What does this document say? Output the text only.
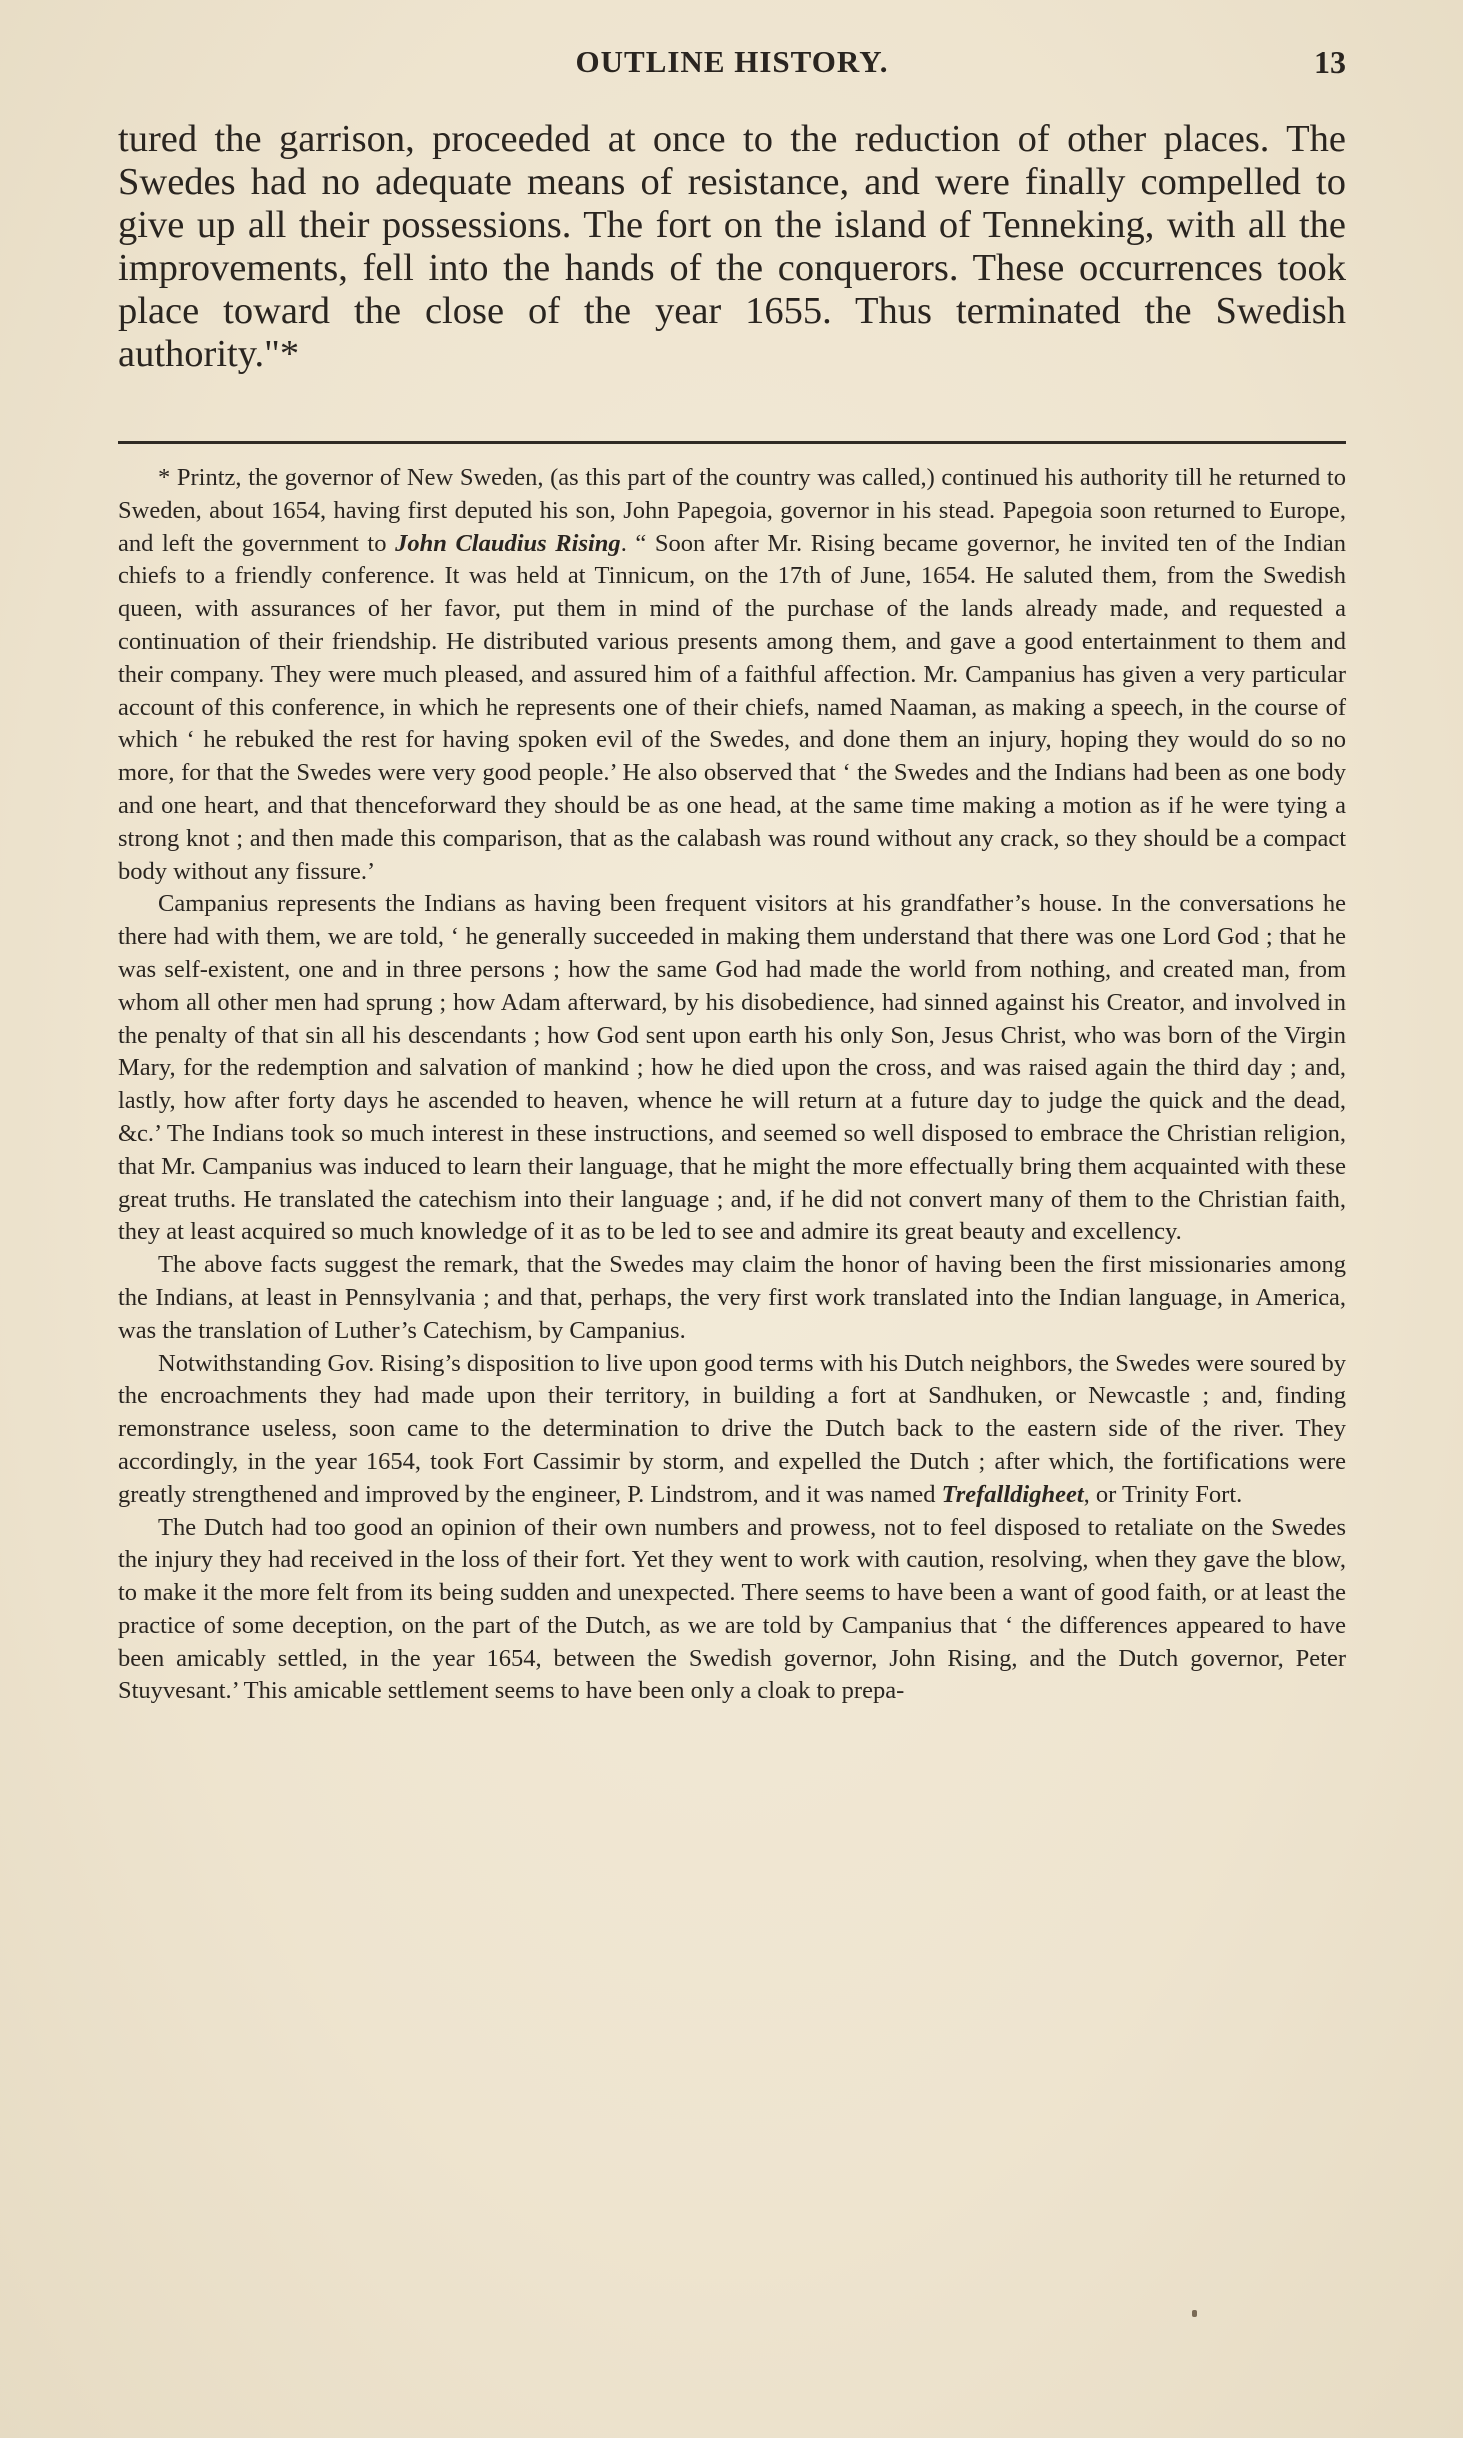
OUTLINE HISTORY.	13

tured the garrison, proceeded at once to the reduction of other places. The Swedes had no adequate means of resistance, and were finally compelled to give up all their possessions. The fort on the island of Tenneking, with all the improvements, fell into the hands of the conquerors. These occurrences took place toward the close of the year 1655. Thus terminated the Swedish authority."*

* Printz, the governor of New Sweden, (as this part of the country was called,) continued his authority till he returned to Sweden, about 1654, having first deputed his son, John Papegoia, governor in his stead. Papegoia soon returned to Europe, and left the government to John Claudius Rising. “ Soon after Mr. Rising became governor, he invited ten of the Indian chiefs to a friendly conference. It was held at Tinnicum, on the 17th of June, 1654. He saluted them, from the Swedish queen, with assurances of her favor, put them in mind of the purchase of the lands already made, and requested a continuation of their friendship. He distributed various presents among them, and gave a good entertainment to them and their company. They were much pleased, and assured him of a faithful affection. Mr. Campanius has given a very particular account of this conference, in which he represents one of their chiefs, named Naaman, as making a speech, in the course of which ‘ he rebuked the rest for having spoken evil of the Swedes, and done them an injury, hoping they would do so no more, for that the Swedes were very good people.’ He also observed that ‘ the Swedes and the Indians had been as one body and one heart, and that thenceforward they should be as one head, at the same time making a motion as if he were tying a strong knot ; and then made this comparison, that as the calabash was round without any crack, so they should be a compact body without any fissure.’

Campanius represents the Indians as having been frequent visitors at his grandfather’s house. In the conversations he there had with them, we are told, ‘ he generally succeeded in making them understand that there was one Lord God ; that he was self-existent, one and in three persons ; how the same God had made the world from nothing, and created man, from whom all other men had sprung ; how Adam afterward, by his disobedience, had sinned against his Creator, and involved in the penalty of that sin all his descendants ; how God sent upon earth his only Son, Jesus Christ, who was born of the Virgin Mary, for the redemption and salvation of mankind ; how he died upon the cross, and was raised again the third day ; and, lastly, how after forty days he ascended to heaven, whence he will return at a future day to judge the quick and the dead, &c.’ The Indians took so much interest in these instructions, and seemed so well disposed to embrace the Christian religion, that Mr. Campanius was induced to learn their language, that he might the more effectually bring them acquainted with these great truths. He translated the catechism into their language ; and, if he did not convert many of them to the Christian faith, they at least acquired so much knowledge of it as to be led to see and admire its great beauty and excellency.

The above facts suggest the remark, that the Swedes may claim the honor of having been the first missionaries among the Indians, at least in Pennsylvania ; and that, perhaps, the very first work translated into the Indian language, in America, was the translation of Luther’s Catechism, by Campanius.

Notwithstanding Gov. Rising’s disposition to live upon good terms with his Dutch neighbors, the Swedes were soured by the encroachments they had made upon their territory, in building a fort at Sandhuken, or Newcastle ; and, finding remonstrance useless, soon came to the determination to drive the Dutch back to the eastern side of the river. They accordingly, in the year 1654, took Fort Cassimir by storm, and expelled the Dutch ; after which, the fortifications were greatly strengthened and improved by the engineer, P. Lindstrom, and it was named Trefalldigheet, or Trinity Fort.

The Dutch had too good an opinion of their own numbers and prowess, not to feel disposed to retaliate on the Swedes the injury they had received in the loss of their fort. Yet they went to work with caution, resolving, when they gave the blow, to make it the more felt from its being sudden and unexpected. There seems to have been a want of good faith, or at least the practice of some deception, on the part of the Dutch, as we are told by Campanius that ‘ the differences appeared to have been amicably settled, in the year 1654, between the Swedish governor, John Rising, and the Dutch governor, Peter Stuyvesant.’ This amicable settlement seems to have been only a cloak to prepa-
